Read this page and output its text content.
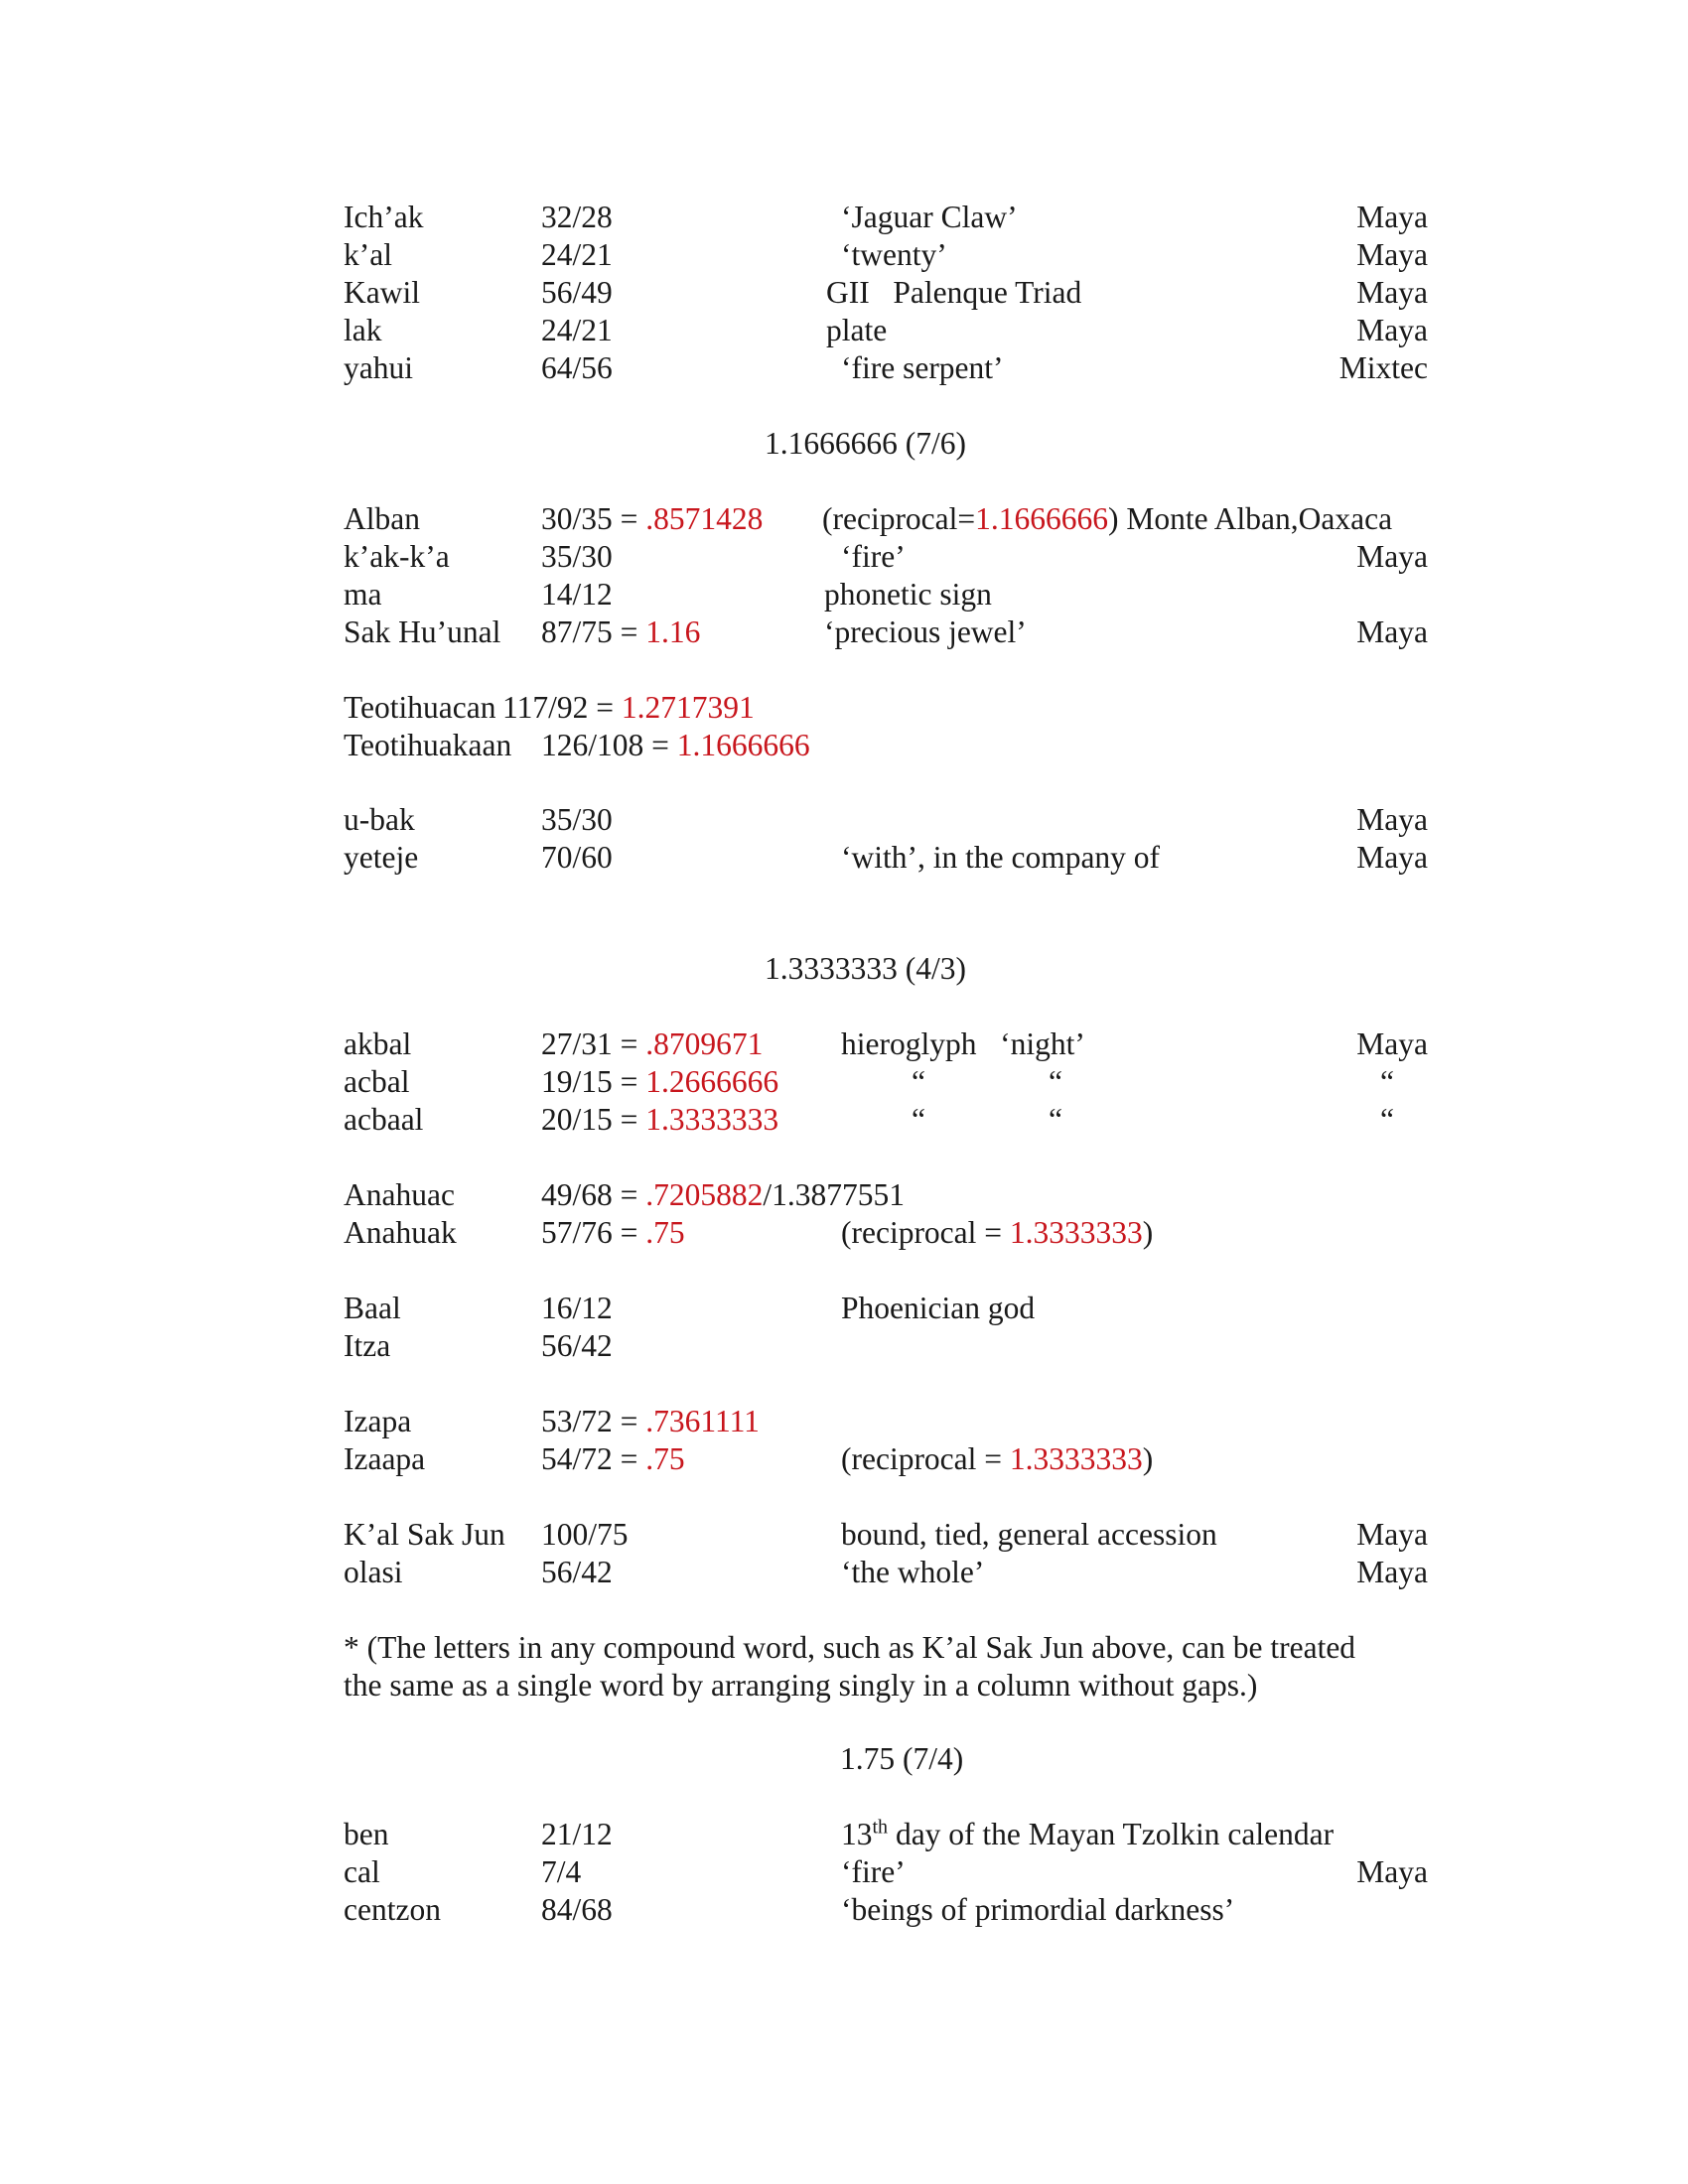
Ich’ak	32/28	‘Jaguar Claw’	Maya
k’al	24/21	‘twenty’	Maya
Kawil	56/49	GII   Palenque Triad	Maya
lak	24/21	plate	Maya
yahui	64/56	‘fire serpent’	Mixtec
1.1666666 (7/6)
Alban	30/35 = .8571428 (reciprocal=1.1666666) Monte Alban,Oaxaca
k’ak-k’a	35/30	‘fire’	Maya
ma	14/12	phonetic sign
Sak Hu’unal 87/75 = 1.16	‘precious jewel’	Maya
Teotihuacan 117/92 = 1.2717391
Teotihuakaan 126/108 = 1.1666666
u-bak	35/30	Maya
yeteje	70/60	‘with’, in the company of	Maya
1.3333333 (4/3)
akbal	27/31 = .8709671 hieroglyph   ‘night’	Maya
acbal	19/15 = 1.2666666	“	“	“
acbaal	20/15 = 1.3333333	“	“	“
Anahuac	49/68 = .7205882/1.3877551
Anahuak	57/76 = .75	(reciprocal = 1.3333333)
Baal	16/12	Phoenician god
Itza	56/42
Izapa	53/72 = .7361111
Izaapa	54/72 = .75	(reciprocal = 1.3333333)
K’al Sak Jun 100/75	bound, tied, general accession	Maya
olasi	56/42	‘the whole’	Maya

* (The letters in any compound word, such as K’al Sak Jun above, can be treated

the same as a single word by arranging singly in a column without gaps.)

1.75 (7/4)
ben	21/12	13th day of the Mayan Tzolkin calendar
cal	7/4	‘fire’	Maya
centzon	84/68	‘beings of primordial darkness’
